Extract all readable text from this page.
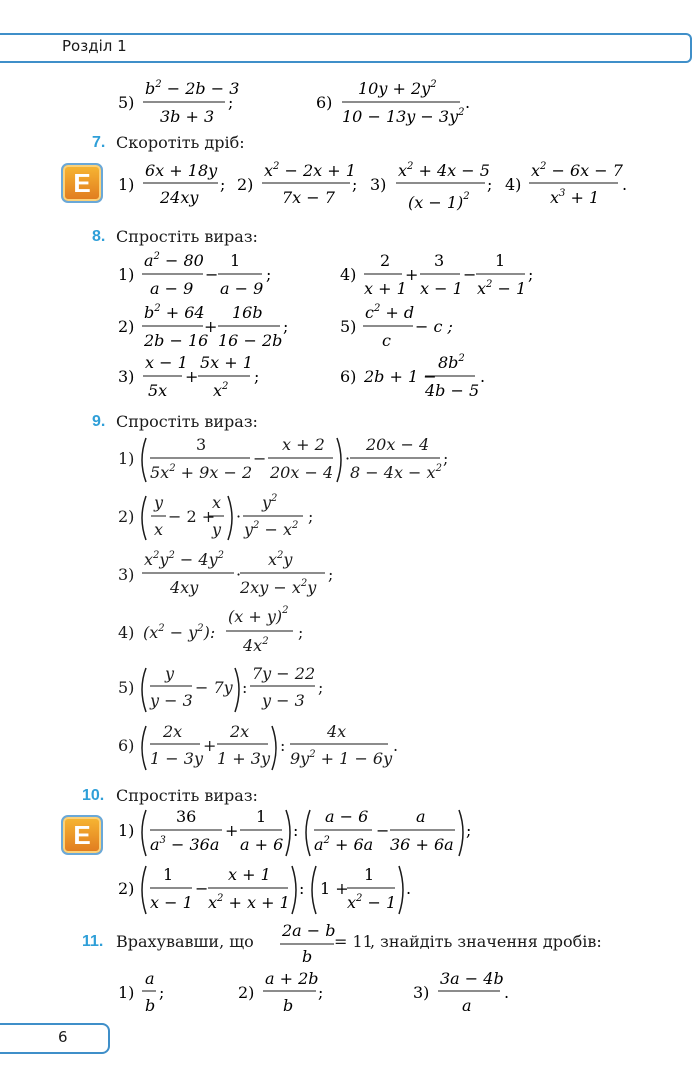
Розділ 1
5)
$b^2 - 2b - 3$
3b + 3
;	6)
$10y + 2y^2$
$10 - 13y - 3y^2$
.
7. Скоротіть дріб:
E	1)
6x + 18y
24xy
; 2)
$x^2 - 2x + 1$
7x − 7
; 3)
$x^2 + 4x - 5$
$(x - 1)^2$
; 4)
$x^2 - 6x - 7$
$x^3 + 1$
.
8. Спростіть вираз:
1)
$a^2 - 80$
a − 9
−
1
a − 9
;	4)
2
x + 1
+
3
x − 1
−
1
$x^2 - 1$
;
2)
$b^2 + 64$
2b − 16
+
16b
16 − 2b
;	5)
$c^2 + d$
c
− c ;
3)
x − 1
5x
+
5x + 1
$x^2$
;	6) 2b + 1 −
$8b^2$
4b − 5
.
9. Спростіть вираз:
1)
3
$5x^2 + 9x - 2$
−
x + 2
20x − 4
·
20x − 4
$8 - 4x - x^2$
;
2)
y
x
− 2 +
x
y
·
$y^2$
$y^2 - x^2$ ;
3)
$x^2y^2 - 4y^2$
4xy
·
$x^2y$
$2xy - x^2y$
;
4) $(x^2 - y^2)$:
$(x + y)^2$
$4x^2$ ;
5)
y
y − 3
− 7y :
7y − 22
y − 3
;
6)
2x
1 − 3y
+
2x
1 + 3y
:
4x
$9y^2 + 1 - 6y$
.
10. Спростіть вираз:
E	1)
36
$a^3 - 36a$
+
1
a + 6
:
a − 6
$a^2 + 6a$
−
a
36 + 6a
;
2)
1
x − 1
−
x + 1
$x^2 + x + 1$
: 1 +
1
$x^2 - 1$
.
11. Врахувавши, що
2a − b
b
= 11
, знайдіть значення дробів:
1)
a
b
;	2)
a + 2b
b
;	3)
3a − 4b
a
.
6
